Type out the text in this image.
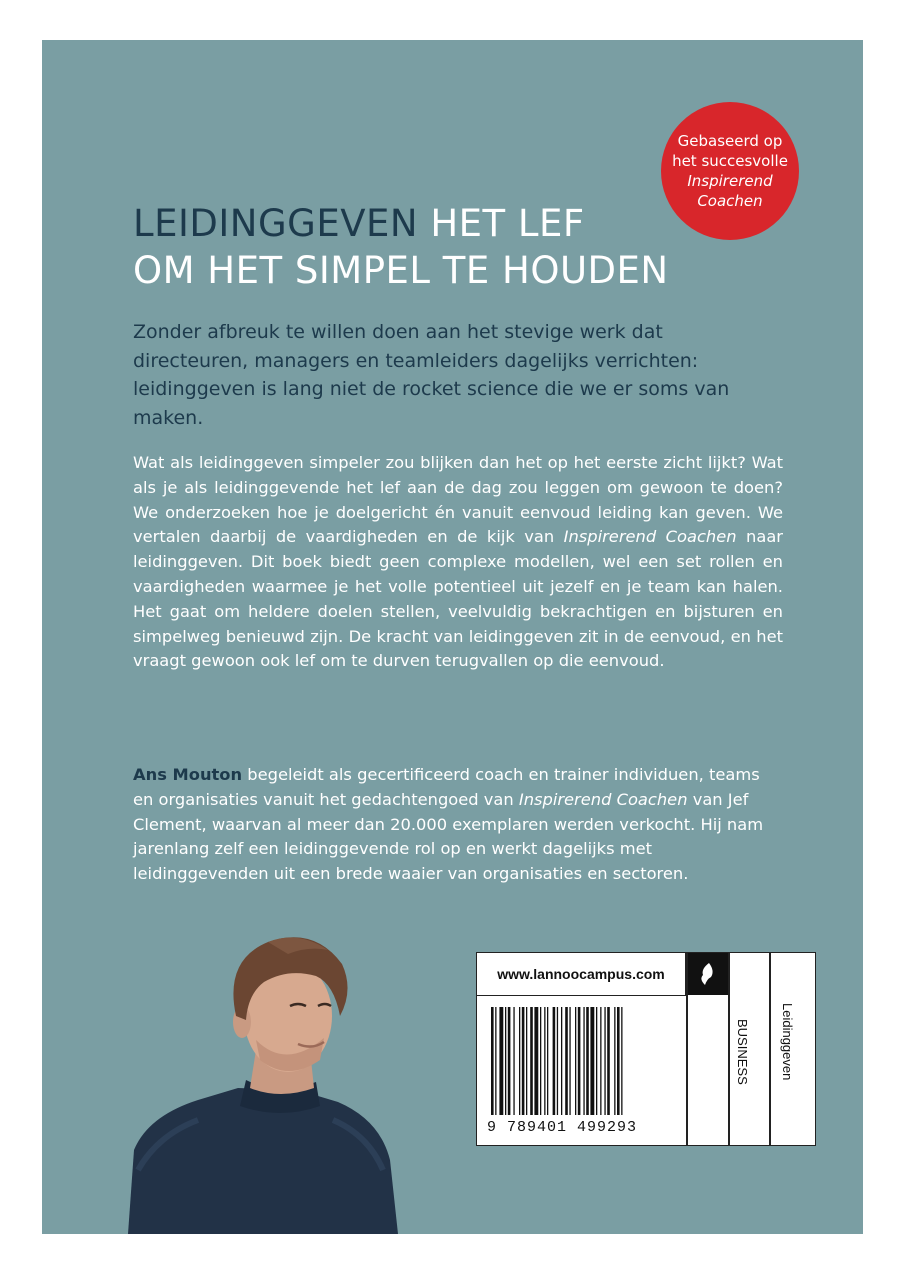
Gebaseerd op
het succesvolle
Inspirerend
Coachen
LEIDINGGEVEN HET LEF
OM HET SIMPEL TE HOUDEN
Zonder afbreuk te willen doen aan het stevige werk dat directeuren, managers en teamleiders dagelijks verrichten: leidinggeven is lang niet de rocket science die we er soms van maken.
Wat als leidinggeven simpeler zou blijken dan het op het eerste zicht lijkt? Wat als je als leidinggevende het lef aan de dag zou leggen om gewoon te doen? We onderzoeken hoe je doelgericht én vanuit eenvoud leiding kan geven. We vertalen daarbij de vaardigheden en de kijk van Inspirerend Coachen naar leidinggeven. Dit boek biedt geen complexe modellen, wel een set rollen en vaardigheden waarmee je het volle potentieel uit jezelf en je team kan halen. Het gaat om heldere doelen stellen, veelvuldig bekrachtigen en bijsturen en simpelweg benieuwd zijn. De kracht van leidinggeven zit in de eenvoud, en het vraagt gewoon ook lef om te durven terugvallen op die eenvoud.
Ans Mouton begeleidt als gecertificeerd coach en trainer individuen, teams en organisaties vanuit het gedachtengoed van Inspirerend Coachen van Jef Clement, waarvan al meer dan 20.000 exemplaren werden verkocht. Hij nam jarenlang zelf een leidinggevende rol op en werkt dagelijks met leidinggevenden uit een brede waaier van organisaties en sectoren.
www.lannoocampus.com
BUSINESS Leidinggeven
9 789401 499293
